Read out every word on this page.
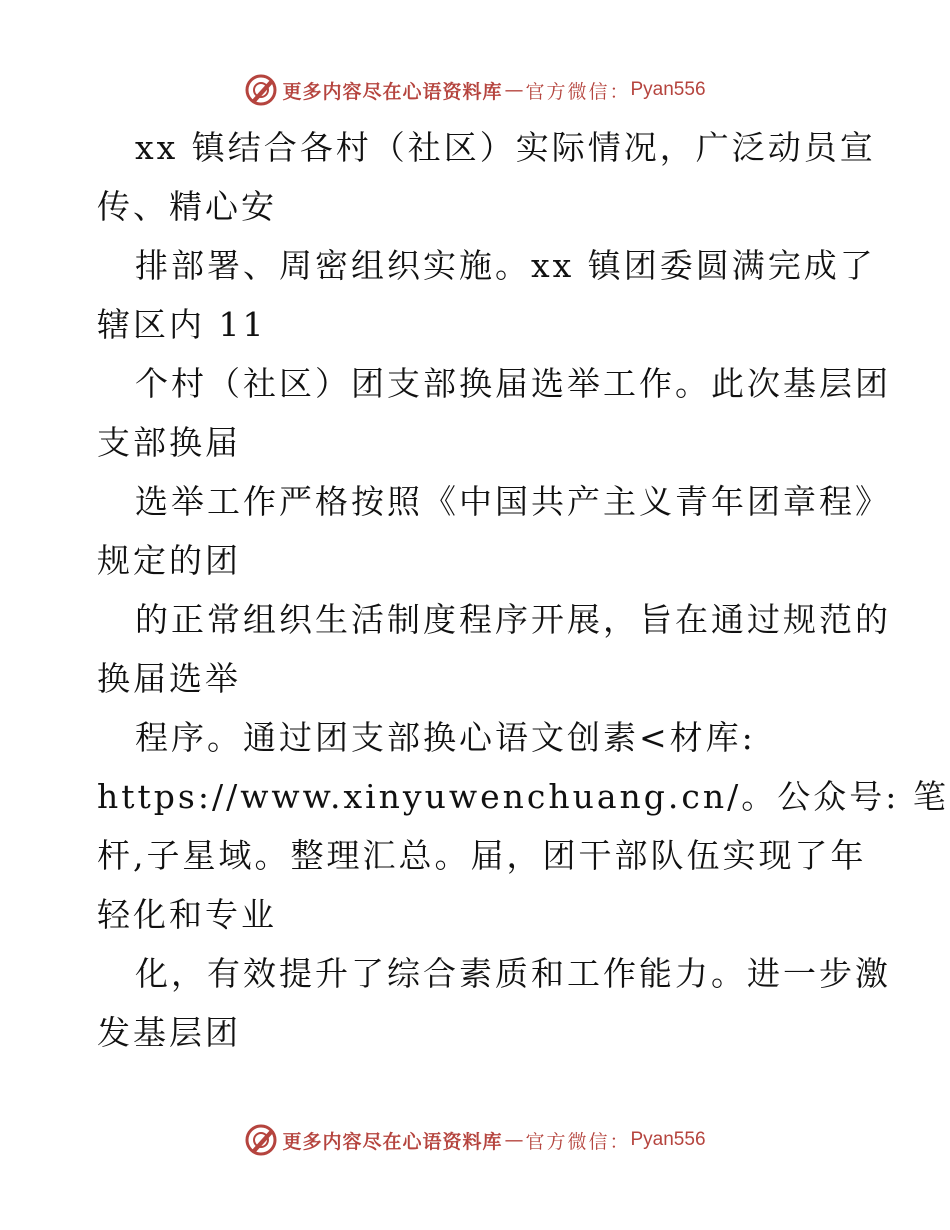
更多内容尽在心语资料库 — 官方微信： Pyan556
xx 镇结合各村（社区）实际情况，广泛动员宣
传、精心安
排部署、周密组织实施。xx 镇团委圆满完成了
辖区内 11
个村（社区）团支部换届选举工作。此次基层团
支部换届
选举工作严格按照《中国共产主义青年团章程》
规定的团
的正常组织生活制度程序开展，旨在通过规范的
换届选举
程序。通过团支部换心语文创素<材库:
https://www.xinyuwenchuang.cn/。公众号: 笔
杆,子星域。整理汇总。届，团干部队伍实现了年
轻化和专业
化，有效提升了综合素质和工作能力。进一步激
发基层团
更多内容尽在心语资料库 — 官方微信： Pyan556
